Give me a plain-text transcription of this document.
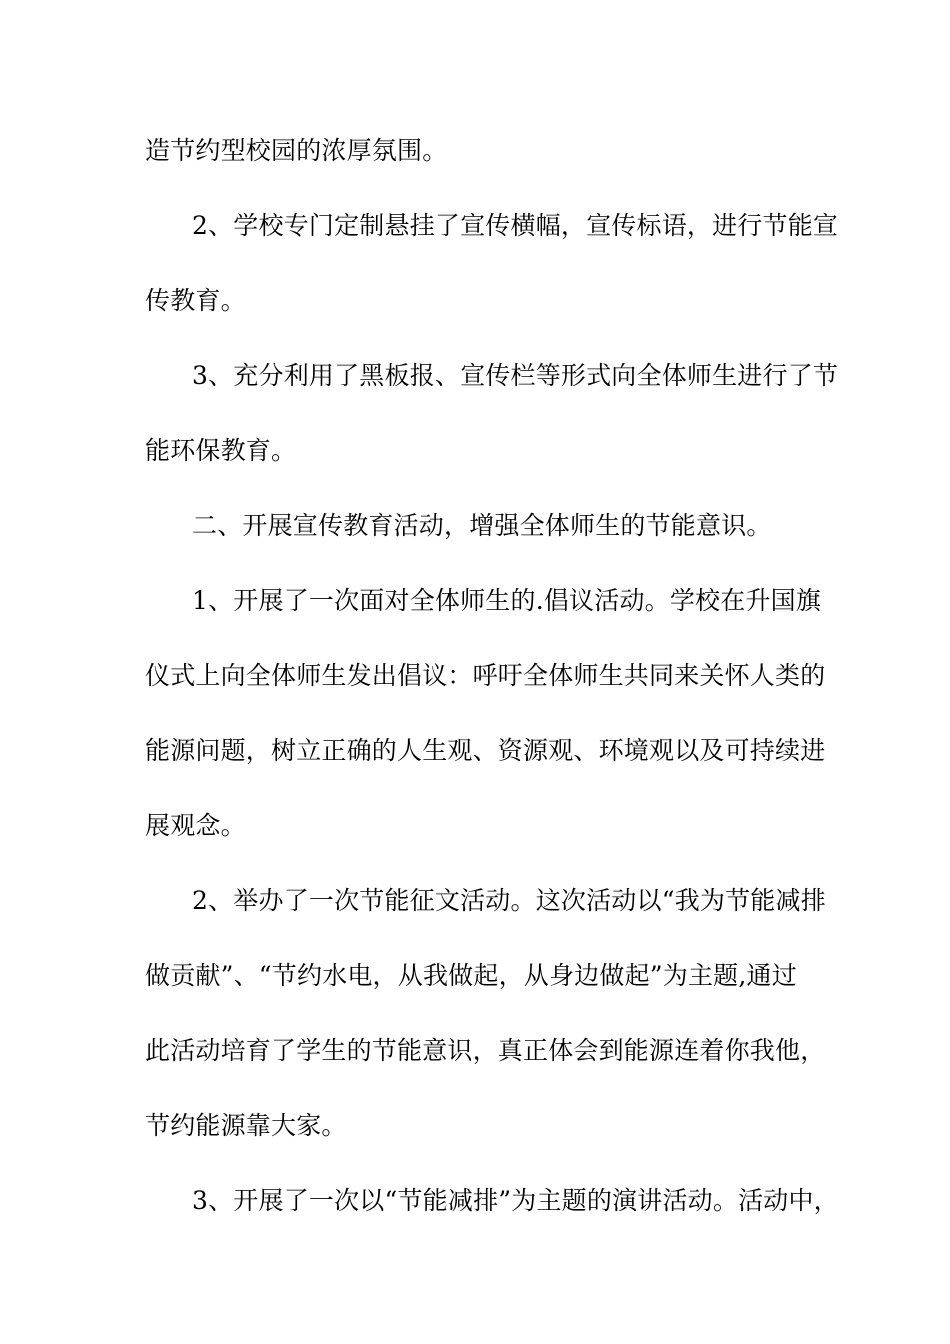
造节约型校园的浓厚氛围。
2、学校专门定制悬挂了宣传横幅，宣传标语，进行节能宣
传教育。
3、充分利用了黑板报、宣传栏等形式向全体师生进行了节
能环保教育。
二、开展宣传教育活动，增强全体师生的节能意识。
1、开展了一次面对全体师生的.倡议活动。学校在升国旗
仪式上向全体师生发出倡议：呼吁全体师生共同来关怀人类的
能源问题，树立正确的人生观、资源观、环境观以及可持续进
展观念。
2、举办了一次节能征文活动。这次活动以“我为节能减排
做贡献”、“节约水电，从我做起，从身边做起”为主题,通过
此活动培育了学生的节能意识，真正体会到能源连着你我他，
节约能源靠大家。
3、开展了一次以“节能减排”为主题的演讲活动。活动中，
